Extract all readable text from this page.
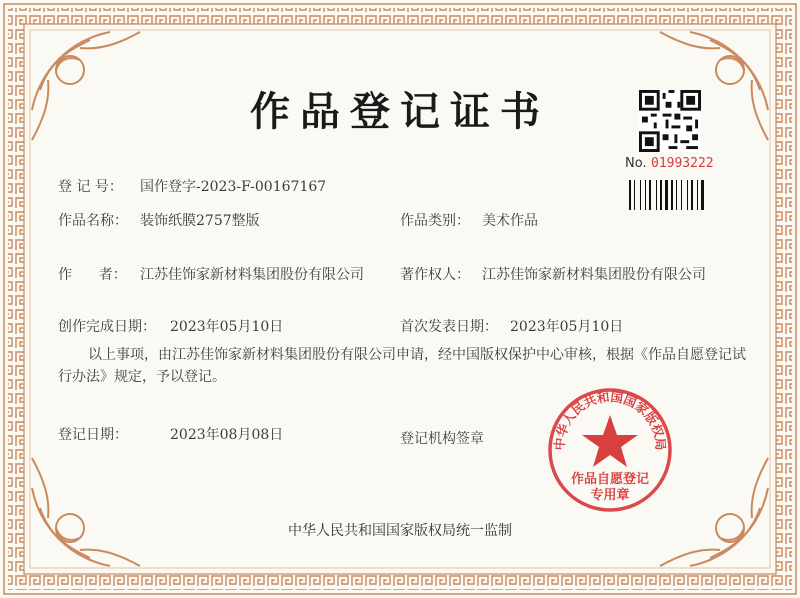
作品登记证书
No. 01993222
登 记 号： 国作登字-2023-F-00167167
作品名称： 装饰纸膜2757整版	作品类别： 美术作品
作      者： 江苏佳饰家新材料集团股份有限公司	著作权人： 江苏佳饰家新材料集团股份有限公司
创作完成日期： 2023年05月10日	首次发表日期： 2023年05月10日
以上事项，由江苏佳饰家新材料集团股份有限公司申请，经中国版权保护中心审核，根据《作品自愿登记试行办法》规定，予以登记。
登记日期：	2023年08月08日	登记机构签章	中华人民共和国国家版权局
作品自愿登记
专用章
中华人民共和国国家版权局统一监制
